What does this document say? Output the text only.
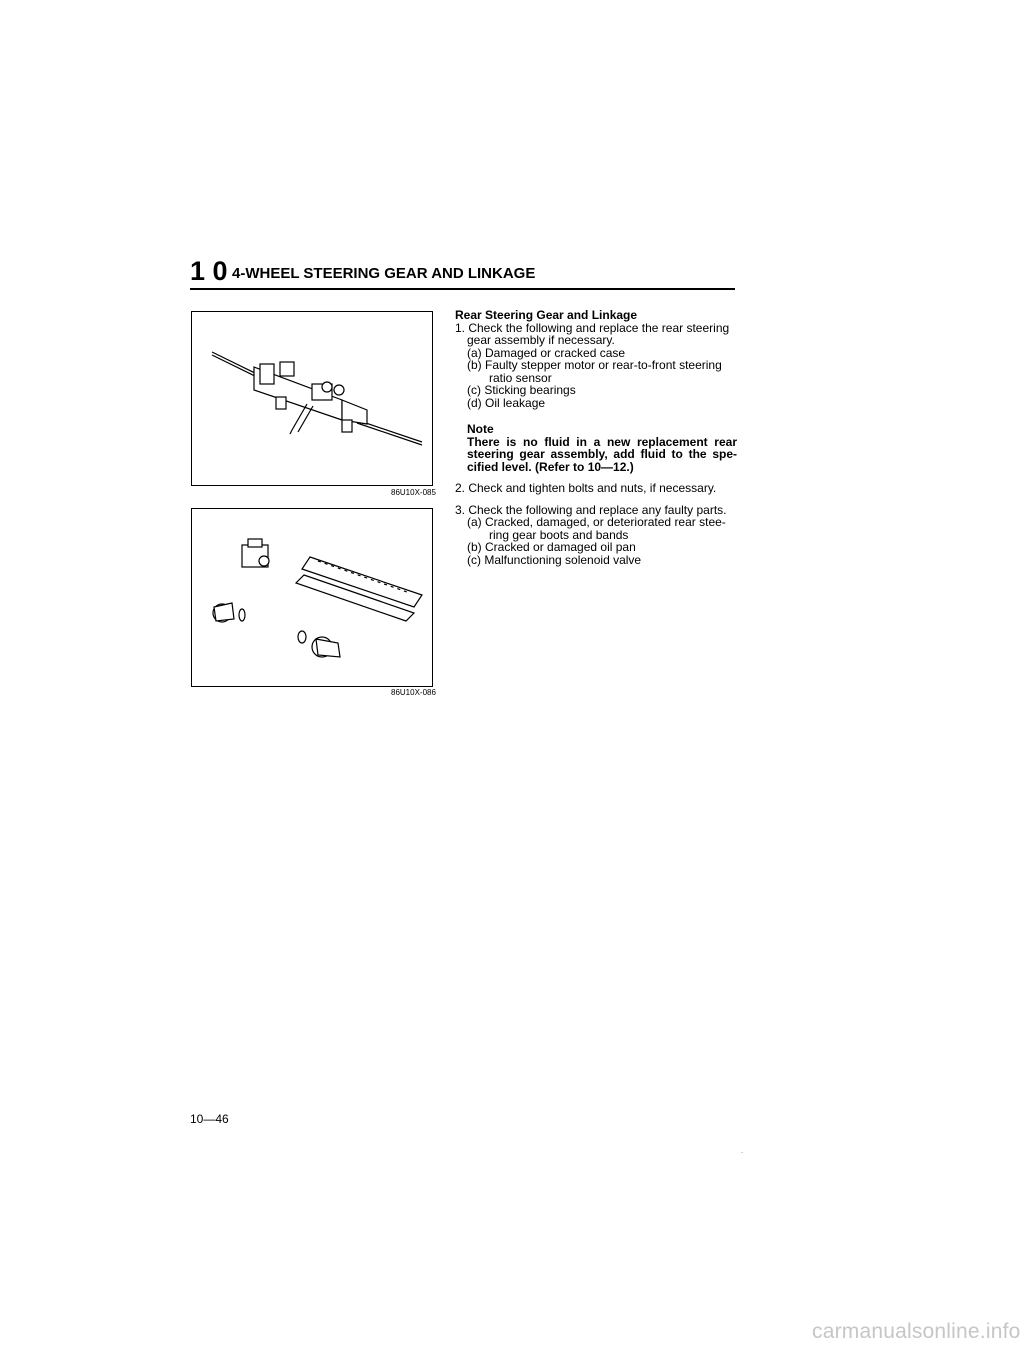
1 0 4-WHEEL STEERING GEAR AND LINKAGE
86U10X-085
86U10X-086
Rear Steering Gear and Linkage

1. Check the following and replace the rear steering gear assembly if necessary.

(a) Damaged or cracked case

(b) Faulty stepper motor or rear-to-front steering ratio sensor

(c) Sticking bearings

(d) Oil leakage

Note
There is no fluid in a new replacement rear steering gear assembly, add fluid to the spe-cified level. (Refer to 10—12.)

2. Check and tighten bolts and nuts, if necessary.

3. Check the following and replace any faulty parts.

(a) Cracked, damaged, or deteriorated rear stee-ring gear boots and bands

(b) Cracked or damaged oil pan

(c) Malfunctioning solenoid valve

10—46
-
carmanualsonline.info
